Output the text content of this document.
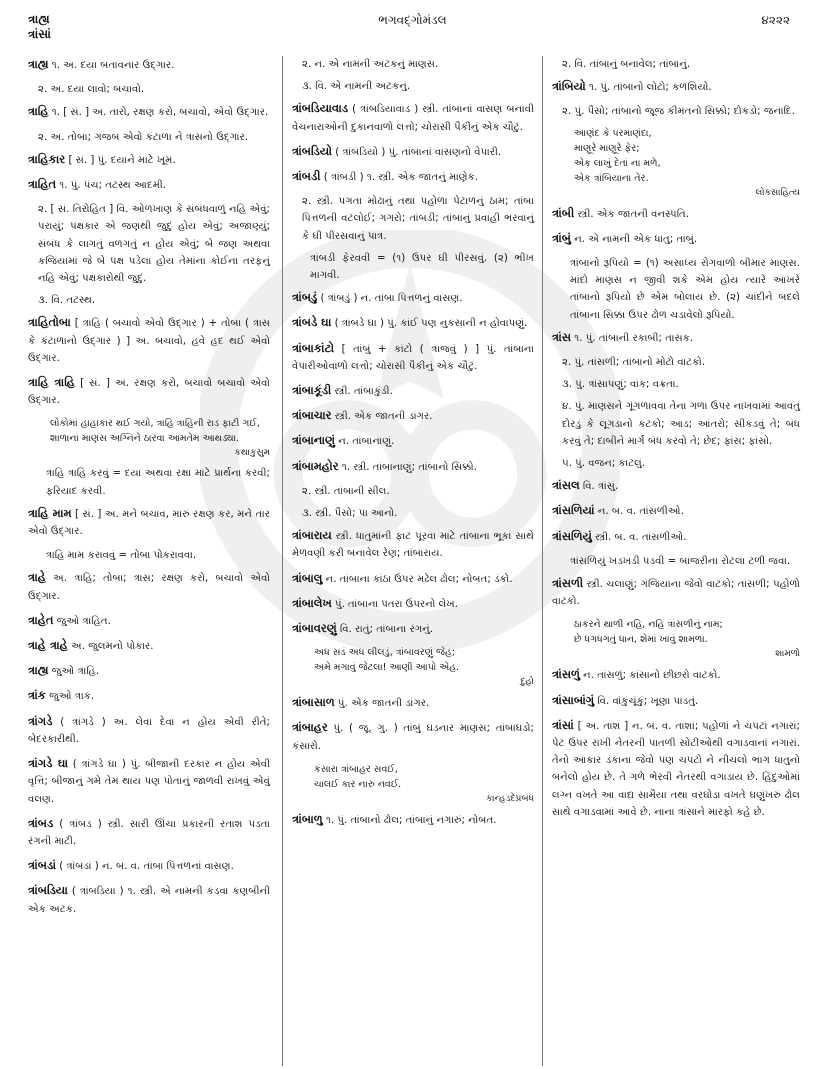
ત્રાહ્ય
ત્રાંસાં
ભગવદ્ગોમંડલ	૪૨૨૨
ત્રાહ્ય ૧. અ. દયા બતાવનાર ઉદ્ગાર.
૨. અ. દયા લાવો; બચાવો.
ત્રાહિ ૧. [ સં. ] અ. તારો, રક્ષણ કરો, બચાવો, એવો ઉદ્ગાર.
૨. અ. તોબા; ગજબ એવો કંટાળા ને ત્રાસનો ઉદ્ગાર.
ત્રાહિકાર [ સં. ] પું. દયાને માટે ખૂમ.
ત્રાહિત ૧. પું. પંચ; તટસ્થ આદમી.
૨. [ સં. તિરોહિત ] વિ. ઓળખાણ કે સંબંધવાળું નહિ એવું; પરાયું; પક્ષકાર એ જણથી જુદું હોય એવું; અજાણ્યું; સંબંધ કે લાગતું વળગતું ન હોય એવું; બે જણ અથવા કજિયામાં જે બે પક્ષ પડેલા હોય તેમાંના કોઈના તરફનું નહિ એવું; પક્ષકારોથી જુદું.
૩. વિ. તટસ્થ.
ત્રાહિતોબા [ ત્રાહિ ( બચાવો એવો ઉદ્ગાર ) + તોબા ( ત્રાસ કે કંટાળાનો ઉદ્ગાર ) ] અ. બચાવો, હવે હદ થઈ એવો ઉદ્ગાર.
ત્રાહિ ત્રાહિ [ સં. ] અ. રક્ષણ કરો, બચાવો બચાવો એવો ઉદ્ગાર.
લોકોમાં હાહાકાર થઈ ગયો, ત્રાહિ ત્રાહિની રાડ ફાટી ગઈ, શાળાનાં માણસ અગ્નિને ઠારવા આમતેમ આથડ્યા.
કથાકુસુમ
ત્રાહિ ત્રાહિ કરવું = દયા અથવા રક્ષા માટે પ્રાર્થના કરવી; ફરિયાદ કરવી.
ત્રાહિ મામ [ સં. ] અ. મને બચાવ, મારું રક્ષણ કર, મને તાર એવો ઉદ્ગાર.
ત્રાહિ મામ કરાવવું = તોબા પોકરાવવા.
ત્રાહે અ. ત્રાહિ; તોબા; ત્રાસ; રક્ષણ કરો, બચાવો એવો ઉદ્ગાર.
ત્રાહેત જુઓ ત્રાહિત.
ત્રાહે ત્રાહે અ. જુલમનો પોકાર.
ત્રાહ્ય જુઓ ત્રાહિ.
ત્રાંક જુઓ ત્રાક.
ત્રાંગડે ( ત્રાંગડે ) અ. લેવા દેવા ન હોય એવી રીતે; બેદરકારીથી.
ત્રાંગડે ઘા ( ત્રાંગડે ઘા ) પું. બીજાની દરકાર ન હોય એવી વૃત્તિ; બીજાનું ગમે તેમ થાય પણ પોતાનું જાળવી રાખવું એવું વલણ.
ત્રાંબડ ( ત્રાંબડ ) સ્ત્રી. સારી ઊંચા પ્રકારની રતાશ પડતા રંગની માટી.
ત્રાંબડાં ( ત્રાંબડાં ) ન. બ. વ. તાંબા પિત્તળનાં વાસણ.
ત્રાંબડિયા ( ત્રાંબડિયા ) ૧. સ્ત્રી. એ નામની કડવા કણબીની એક અટક.
૨. ન. એ નામની અટકનું માણસ.
૩. વિ. એ નામની અટકનું.
ત્રાંબડિયાવાડ ( ત્રાંબડિયાવાડ ) સ્ત્રી. તાંબાનાં વાસણ બનાવી વેચનારાઓની દુકાનવાળો લત્તો; ચોરાસી પૈકીનું એક ચૌટું.
ત્રાંબડિયો ( ત્રાંબડિયો ) પું. તાંબાનાં વાસણનો વેપારી.
ત્રાંબડી ( ત્રાંબડી ) ૧. સ્ત્રી. એક જાતનું માણેક.
૨. સ્ત્રી. પગતા મોઢાનું તથા પહોળા પેટાળનું ઠામ; તાંબા પિત્તળની વટલોઈ; ગગરો; તાંબડી; તાંબાનું પ્રવાહી ભરવાનું કે ઘી પીરસવાનું પાત્ર.
ત્રાંબડી ફેરવવી = (૧) ઉપર ઘી પીરસવું. (૨) ભીખ માગવી.
ત્રાંબડું ( ત્રાંબડું ) ન. તાંબા પિત્તળનું વાસણ.
ત્રાંબડે ઘા ( ત્રાંબડે ઘા ) પું. કાંઈ પણ નુકસાની ન હોવાપણું.
ત્રાંબાકાંટો [ તાંબું + કાંટો ( ત્રાજવું ) ] પું. તાંબાના વેપારીઓવાળો લત્તો; ચોરાસી પૈકીનું એક ચૌટું.
ત્રાંબાકૂંડી સ્ત્રી. તાંબાકુંડી.
ત્રાંબાચાર સ્ત્રી. એક જાતની ડાંગર.
ત્રાંબાનાણું ન. તાંબાનાણું.
ત્રાંબામહોર ૧. સ્ત્રી. તાંબાનાણું; તાંબાનો સિક્કો.
૨. સ્ત્રી. તાંબાની સીલ.
૩. સ્ત્રી. પૈસો; પા આનો.
ત્રાંબારાય સ્ત્રી. ધાતુમાંની ફાટ પૂરવા માટે તાંબાના ભૂકા સાથે મેળવણી કરી બનાવેલ રેણ; તાંબારાય.
ત્રાંબાલુ ન. તાંબાના કાંઠા ઉપર મઢેલ ઢોલ; નોબત; ડંકો.
ત્રાંબાલેખ પું. તાંબાના પતરા ઉપરનો લેખ.
ત્રાંબાવરણું વિ. રાતું; તાંબાના રંગનું.
અધ સડં અધ લીલડું, ત્રાંબાવરણું જેહ;
અમે મગાવું જેટલા! આણી આપો એહ.
દુહો
ત્રાંબાસાળ પું. એક જાતની ડાંગર.
ત્રાંબાહર પું. ( જૂ. ગુ. ) તાંબું ઘડનાર માણસ; તાંબાઘડો; કંસારો.
કંસારા ત્રાંબાહર સવઈ,
ચાલઈ કાર નારુ નવઈ.
કાન્હડદેપ્રબંધ
ત્રાંબાળુ ૧. પું. તાંબાનો ઢોલ; તાંબાનું નગારું; નોબત.
૨. વિ. તાંબાનું બનાવેલ; તાંબાનું.
ત્રાંબિયો ૧. પું. તાંબાનો લોટો; કળશિયો.
૨. પું. પૈસો; તાંબાનો જૂજ કીમતનો સિક્કો; દોકડો; જનાદિ.
આણંદ કે પરમાણંદા,
માણૂરે માણૂરે ફેર;
એક લાખું દેતાં ના મળે,
એક ત્રાંબિયાના તેર.
લોકસાહિત્ય
ત્રાંબી સ્ત્રી. એક જાતની વનસ્પતિ.
ત્રાંબું ન. એ નામની એક ધાતુ; તાંબું.
ત્રાંબાનો રૂપિયો = (૧) અસાધ્ય રોગવાળો બીમાર માણસ. માંદો માણસ ન જીવી શકે એમ હોય ત્યારે આખરે તાંબાનો રૂપિયો છે એમ બોલાય છે. (૨) ચાંદીને બદલે તાંબાના સિક્કા ઉપર ઢોળ ચડાવેલો રૂપિયો.
ત્રાંસ ૧. પું. તાંબાની રકાબી; તાસક.
૨. પું. તાંસળી; તાંબાનો મોટો વાટકો.
૩. પું. ત્રાંસાપણું; વાંક; વક્રતા.
૪. પું. માણસને ગૂંગળાવવા તેના ગળા ઉપર નાખવામાં આવતું દોરડું કે લૂગડાનો કટકો; આડ; આંતરો; સીકડવું તે; બંધ કરવું તે; દાબીને માર્ગ બંધ કરવો તે; છેદ; ફાંસ; ફાંસો.
૫. પું. વજન; કાટલું.
ત્રાંસલ વિ. ત્રાંસું.
ત્રાંસળિયાં ન. બ. વ. તાંસળીઓ.
ત્રાંસળિયું સ્ત્રી. બ. વ. તાંસળીઓ.
ત્રાંસળિયું ખડખડી પડવી = બાજરીના રોટલા ટળી જવા.
ત્રાંસળી સ્ત્રી. ચલાણું; ગંજિયાના જેવો વાટકો; તાંસળી; પહોળો વાટકો.
ઠાકરને થાળી નહિ, નહિ ત્રાંસળીનું નામ;
છે ધગધગતું ધાન, શેમાં ખાવું શામળા.
શામળો
ત્રાંસળું ન. તાંસળું; કાંસાનો છીછરો વાટકો.
ત્રાંસાબાંગું વિ. વાંકુંચૂંકું; ખૂણા પાડતું.
ત્રાંસાં [ અ. તાશ ] ન. બ. વ. તાશાં; પહોળાં ને ચપટાં નગારાં; પેટ ઉપર રાખી નેતરની પાતળી સોટીઓથી વગાડવાનાં નગારાં. તેનો આકાર ડંકાના જેવો પણ ચપટો ને નીચલો ભાગ ધાતુનો બનેલો હોય છે. તે ગળે ભેરવી નેતરથી વગાડાય છે. હિંદુઓમાં લગ્ન વખતે આ વાદ્ય સામૈયા તથા વરઘોડા વખતે ઘણુંખરું ઢોલ સાથે વગાડવામાં આવે છે. નાના ત્રાંસાને મારફો કહે છે.
